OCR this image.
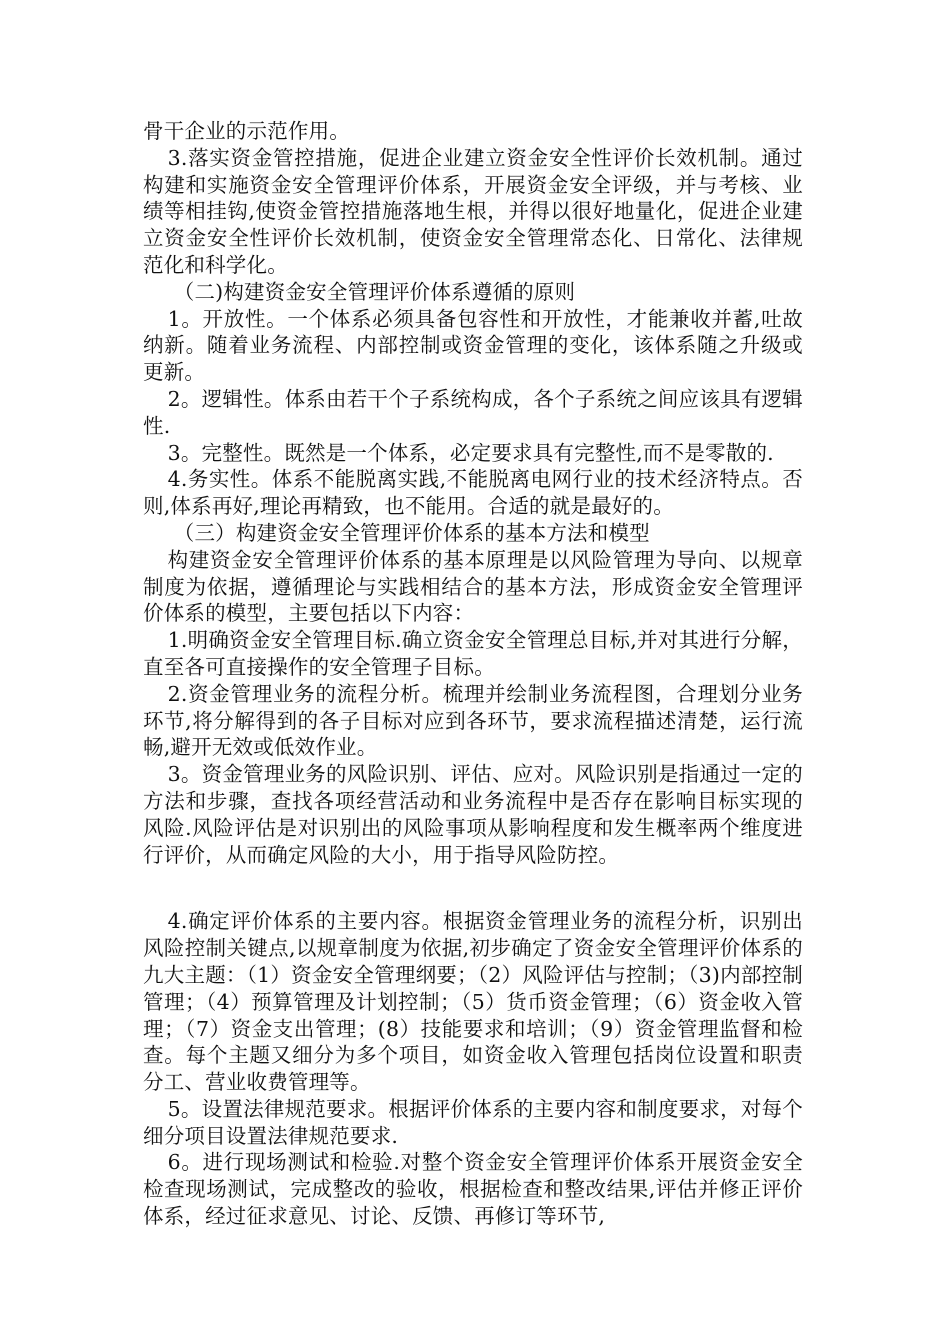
骨干企业的示范作用。

3.落实资金管控措施，促进企业建立资金安全性评价长效机制。通过构建和实施资金安全管理评价体系，开展资金安全评级，并与考核、业绩等相挂钩,使资金管控措施落地生根，并得以很好地量化，促进企业建立资金安全性评价长效机制，使资金安全管理常态化、日常化、法律规范化和科学化。

（二)构建资金安全管理评价体系遵循的原则

1。开放性。一个体系必须具备包容性和开放性，才能兼收并蓄,吐故纳新。随着业务流程、内部控制或资金管理的变化，该体系随之升级或更新。

2。逻辑性。体系由若干个子系统构成，各个子系统之间应该具有逻辑性.

3。完整性。既然是一个体系，必定要求具有完整性,而不是零散的.

4.务实性。体系不能脱离实践,不能脱离电网行业的技术经济特点。否则,体系再好,理论再精致，也不能用。合适的就是最好的。

（三）构建资金安全管理评价体系的基本方法和模型

构建资金安全管理评价体系的基本原理是以风险管理为导向、以规章制度为依据，遵循理论与实践相结合的基本方法，形成资金安全管理评价体系的模型，主要包括以下内容：

1.明确资金安全管理目标.确立资金安全管理总目标,并对其进行分解，直至各可直接操作的安全管理子目标。

2.资金管理业务的流程分析。梳理并绘制业务流程图，合理划分业务环节,将分解得到的各子目标对应到各环节，要求流程描述清楚，运行流畅,避开无效或低效作业。

3。资金管理业务的风险识别、评估、应对。风险识别是指通过一定的方法和步骤，查找各项经营活动和业务流程中是否存在影响目标实现的风险.风险评估是对识别出的风险事项从影响程度和发生概率两个维度进行评价，从而确定风险的大小，用于指导风险防控。

4.确定评价体系的主要内容。根据资金管理业务的流程分析，识别出风险控制关键点,以规章制度为依据,初步确定了资金安全管理评价体系的九大主题：（1）资金安全管理纲要；（2）风险评估与控制；（3)内部控制管理；（4）预算管理及计划控制；（5）货币资金管理；（6）资金收入管理；（7）资金支出管理；(8）技能要求和培训；（9）资金管理监督和检查。每个主题又细分为多个项目，如资金收入管理包括岗位设置和职责分工、营业收费管理等。

5。设置法律规范要求。根据评价体系的主要内容和制度要求，对每个细分项目设置法律规范要求.

6。进行现场测试和检验.对整个资金安全管理评价体系开展资金安全检查现场测试，完成整改的验收，根据检查和整改结果,评估并修正评价体系，经过征求意见、讨论、反馈、再修订等环节,
